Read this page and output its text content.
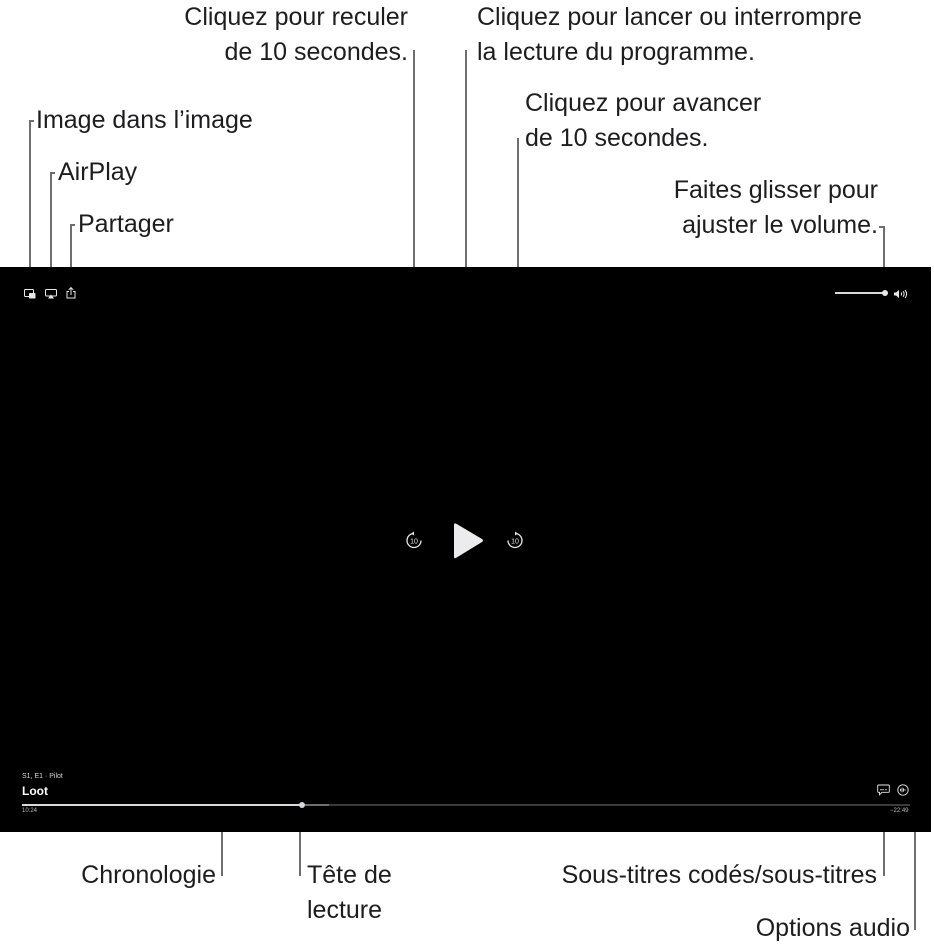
Image dans l’image
AirPlay
Partager
Cliquez pour reculer
de 10 secondes.
Cliquez pour lancer ou interrompre
la lecture du programme.
Cliquez pour avancer
de 10 secondes.
Faites glisser pour
ajuster le volume.
Chronologie	Tête de
lecture
Sous-titres codés/sous-titres
Options audio
10	10
S1, E1 · Pilot
Loot
10:24	−22:49
